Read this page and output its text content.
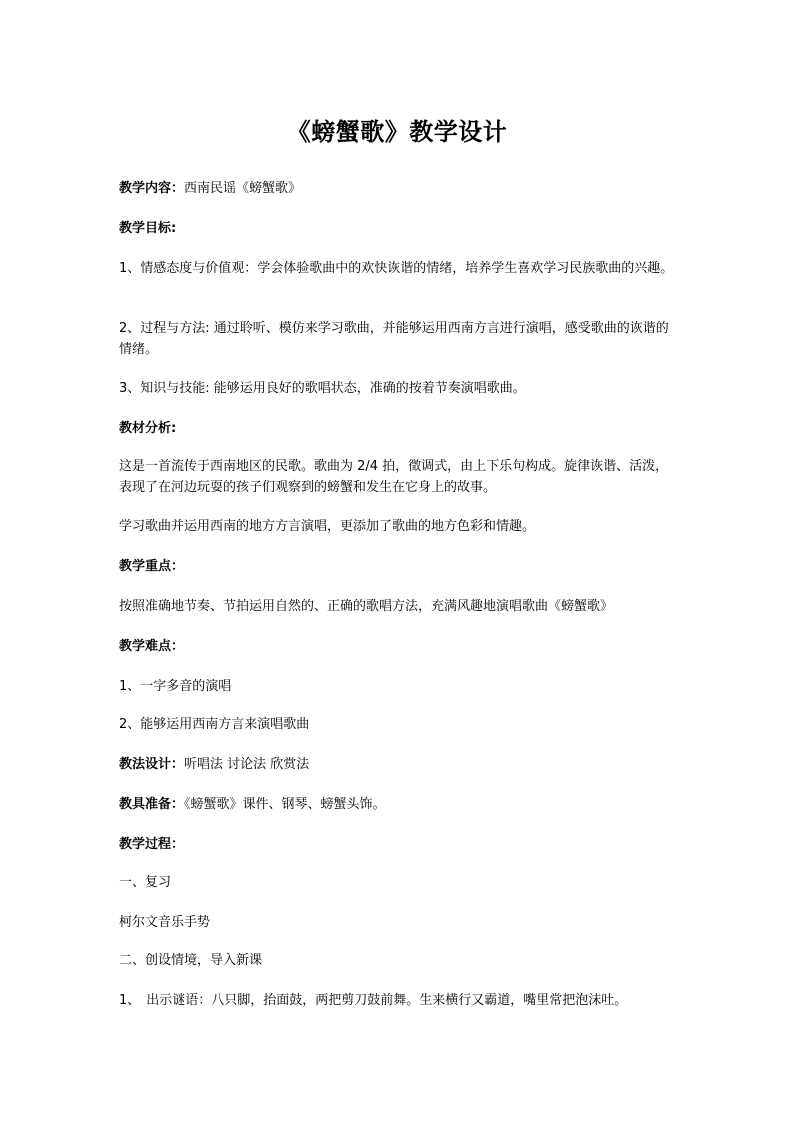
《螃蟹歌》教学设计
教学内容：西南民谣《螃蟹歌》
教学目标:
1、情感态度与价值观：学会体验歌曲中的欢快诙谐的情绪，培养学生喜欢学习民族歌曲的兴趣。
2、过程与方法: 通过聆听、模仿来学习歌曲，并能够运用西南方言进行演唱，感受歌曲的诙谐的情绪。
3、知识与技能: 能够运用良好的歌唱状态，准确的按着节奏演唱歌曲。
教材分析:
这是一首流传于西南地区的民歌。歌曲为 2/4 拍，徵调式，由上下乐句构成。旋律诙谐、活泼，表现了在河边玩耍的孩子们观察到的螃蟹和发生在它身上的故事。
学习歌曲并运用西南的地方方言演唱，更添加了歌曲的地方色彩和情趣。
教学重点：
按照准确地节奏、节拍运用自然的、正确的歌唱方法，充满风趣地演唱歌曲《螃蟹歌》
教学难点：
1、一字多音的演唱
2、能够运用西南方言来演唱歌曲
教法设计：听唱法 讨论法 欣赏法
教具准备：《螃蟹歌》课件、钢琴、螃蟹头饰。
教学过程：
一、复习
柯尔文音乐手势
二、创设情境，导入新课
1、 出示谜语：八只脚，抬面鼓，两把剪刀鼓前舞。生来横行又霸道，嘴里常把泡沫吐。
